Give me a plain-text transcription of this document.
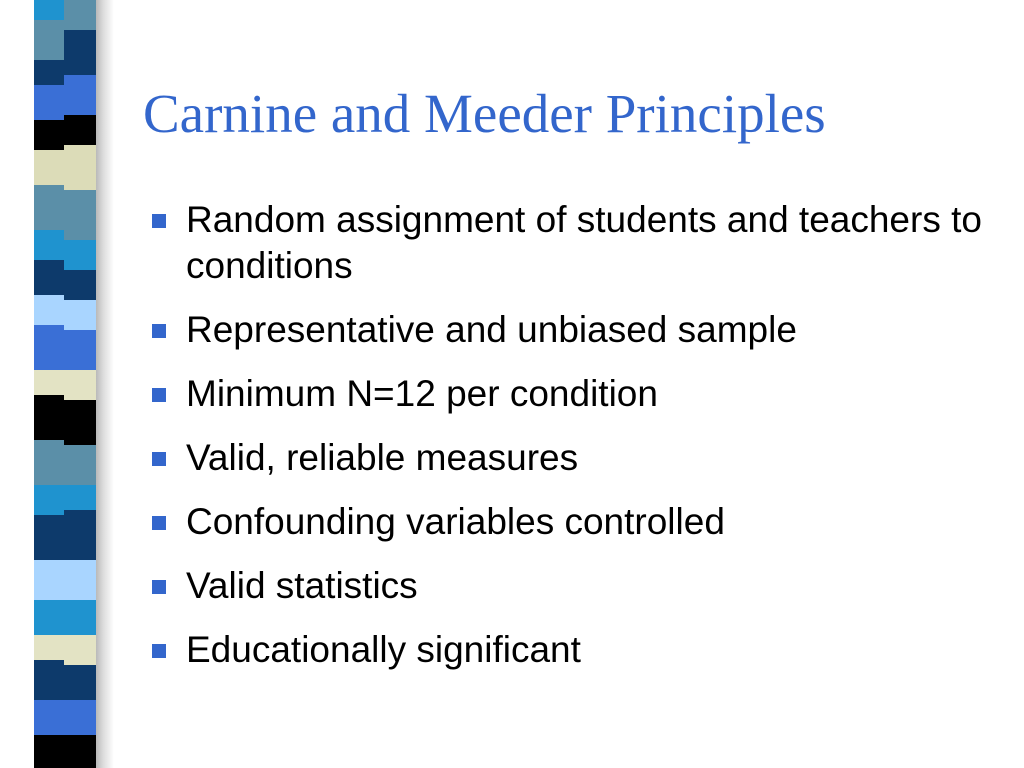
Carnine and Meeder Principles
Random assignment of students and teachers to conditions
Representative and unbiased sample
Minimum N=12 per condition
Valid, reliable measures
Confounding variables controlled
Valid statistics
Educationally significant
